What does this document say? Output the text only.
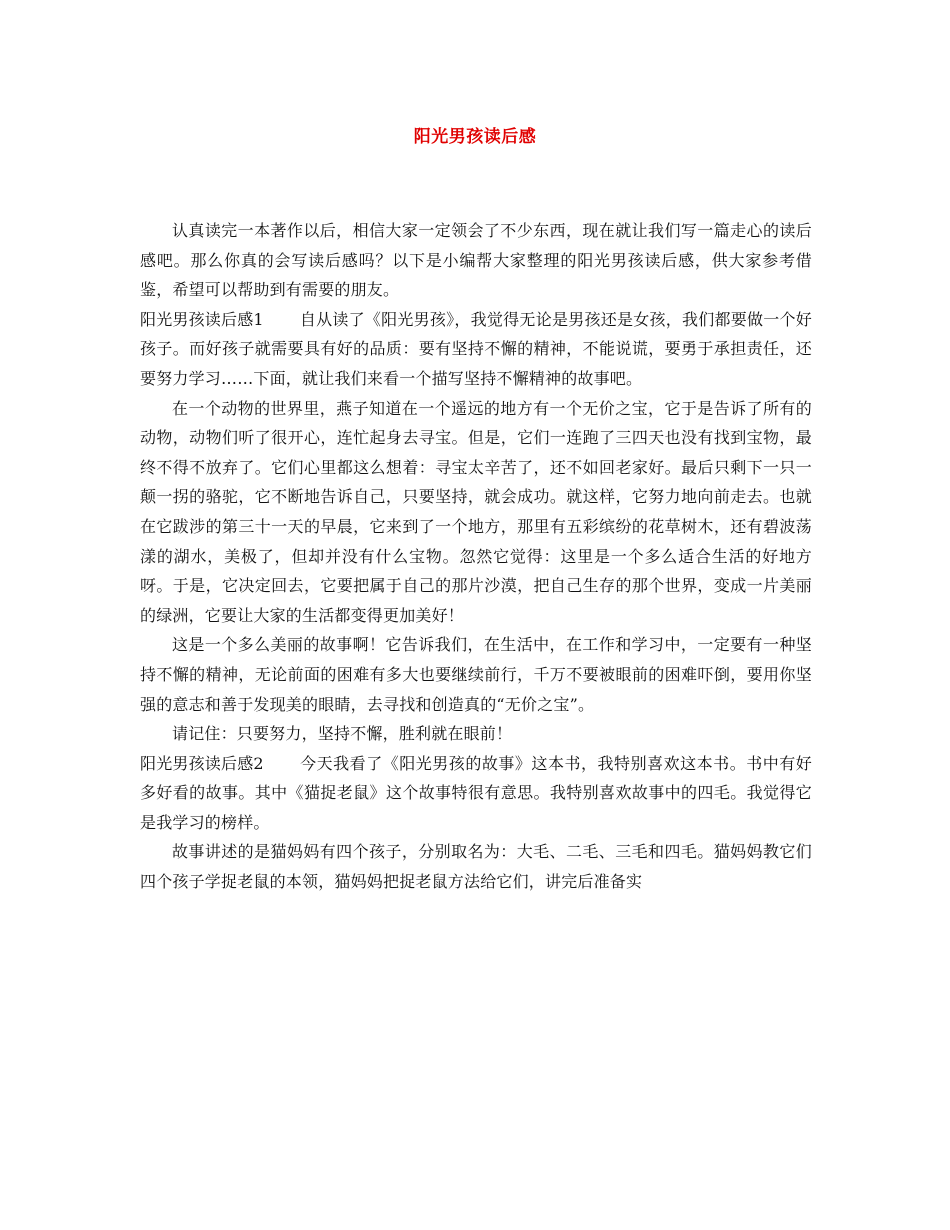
阳光男孩读后感

认真读完一本著作以后，相信大家一定领会了不少东西，现在就让我们写一篇走心的读后感吧。那么你真的会写读后感吗？以下是小编帮大家整理的阳光男孩读后感，供大家参考借鉴，希望可以帮助到有需要的朋友。

阳光男孩读后感1 自从读了《阳光男孩》，我觉得无论是男孩还是女孩，我们都要做一个好孩子。而好孩子就需要具有好的品质：要有坚持不懈的精神，不能说谎，要勇于承担责任，还要努力学习……下面，就让我们来看一个描写坚持不懈精神的故事吧。

在一个动物的世界里，燕子知道在一个遥远的地方有一个无价之宝，它于是告诉了所有的动物，动物们听了很开心，连忙起身去寻宝。但是，它们一连跑了三四天也没有找到宝物，最终不得不放弃了。它们心里都这么想着：寻宝太辛苦了，还不如回老家好。最后只剩下一只一颠一拐的骆驼，它不断地告诉自己，只要坚持，就会成功。就这样，它努力地向前走去。也就在它跋涉的第三十一天的早晨，它来到了一个地方，那里有五彩缤纷的花草树木，还有碧波荡漾的湖水，美极了，但却并没有什么宝物。忽然它觉得：这里是一个多么适合生活的好地方呀。于是，它决定回去，它要把属于自己的那片沙漠，把自己生存的那个世界，变成一片美丽的绿洲，它要让大家的生活都变得更加美好！

这是一个多么美丽的故事啊！它告诉我们，在生活中，在工作和学习中，一定要有一种坚持不懈的精神，无论前面的困难有多大也要继续前行，千万不要被眼前的困难吓倒，要用你坚强的意志和善于发现美的眼睛，去寻找和创造真的“无价之宝”。

请记住：只要努力，坚持不懈，胜利就在眼前！

阳光男孩读后感2 今天我看了《阳光男孩的故事》这本书，我特别喜欢这本书。书中有好多好看的故事。其中《猫捉老鼠》这个故事特很有意思。我特别喜欢故事中的四毛。我觉得它是我学习的榜样。

故事讲述的是猫妈妈有四个孩子，分别取名为：大毛、二毛、三毛和四毛。猫妈妈教它们四个孩子学捉老鼠的本领，猫妈妈把捉老鼠方法给它们，讲完后准备实
